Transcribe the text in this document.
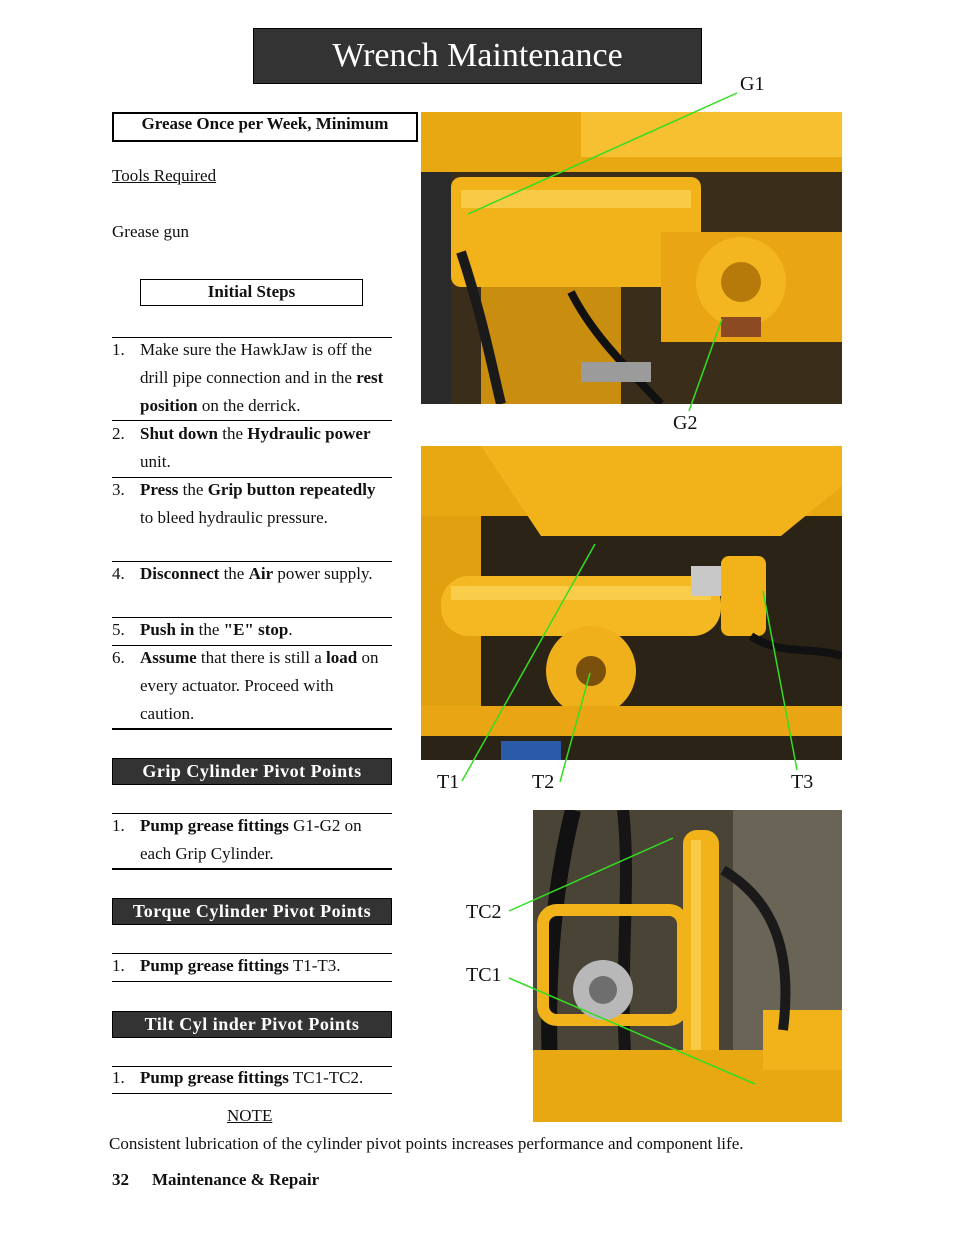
Wrench Maintenance
Grease Once per Week, Minimum
Tools Required
Grease gun
Initial Steps
1. Make sure the HawkJaw is off the drill pipe connection and in the rest position on the derrick.
2. Shut down the Hydraulic power unit.
3. Press the Grip button repeatedly to bleed hydraulic pressure.
4. Disconnect the Air power supply.
5. Push in the "E" stop.
6. Assume that there is still a load on every actuator. Proceed with caution.
Grip Cylinder Pivot Points
1. Pump grease fittings G1-G2 on each Grip Cylinder.
Torque Cylinder Pivot Points
1. Pump grease fittings T1-T3.
Tilt Cyl inder Pivot Points
1. Pump grease fittings TC1-TC2.
G1
G2
T1	T2	T3
TC2
TC1
NOTE
Consistent lubrication of the cylinder pivot points increases performance and component life.
32 Maintenance & Repair
